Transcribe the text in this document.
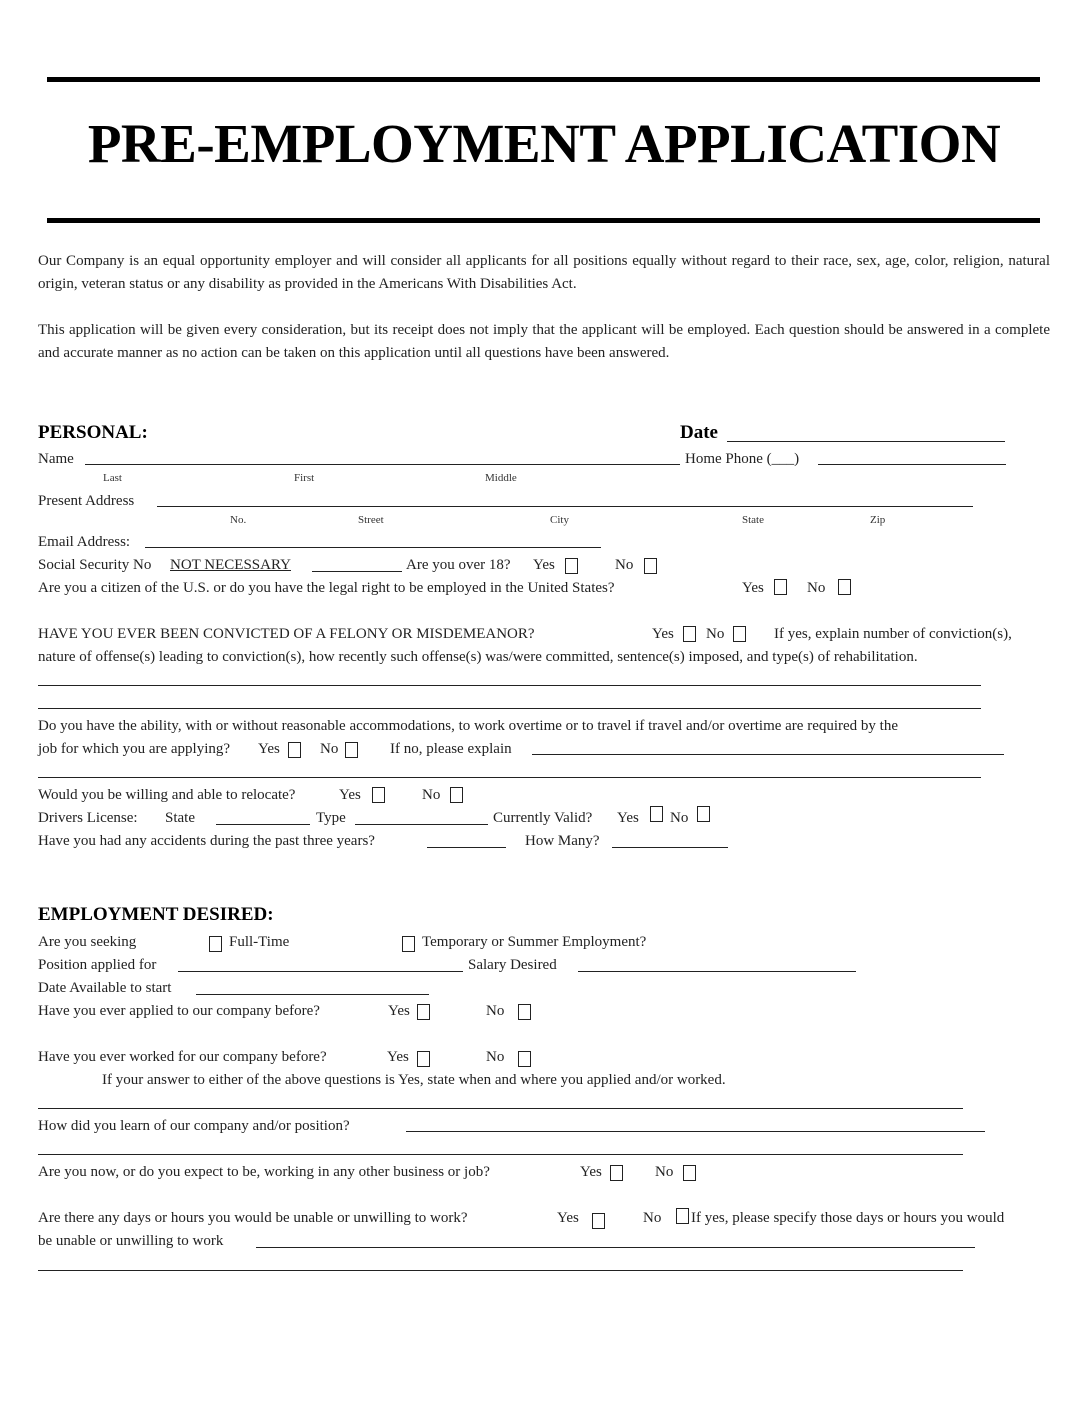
PRE-EMPLOYMENT APPLICATION
Our Company is an equal opportunity employer and will consider all applicants for all positions equally without regard to their race, sex, age, color, religion, natural origin, veteran status or any disability as provided in the Americans With Disabilities Act.
This application will be given every consideration, but its receipt does not imply that the applicant will be employed. Each question should be answered in a complete and accurate manner as no action can be taken on this application until all questions have been answered.
PERSONAL:	Date
Name	Home Phone (___)
Last	First	Middle
Present Address
No.	Street	City	State	Zip
Email Address:
Social Security No NOT NECESSARY	Are you over 18? Yes	No
Are you a citizen of the U.S. or do you have the legal right to be employed in the United States?	Yes	No
HAVE YOU EVER BEEN CONVICTED OF A FELONY OR MISDEMEANOR?	Yes No	If yes, explain number of conviction(s),
nature of offense(s) leading to conviction(s), how recently such offense(s) was/were committed, sentence(s) imposed, and type(s) of rehabilitation.
Do you have the ability, with or without reasonable accommodations, to work overtime or to travel if travel and/or overtime are required by the
job for which you are applying? Yes	No	If no, please explain
Would you be willing and able to relocate?	Yes	No
Drivers License: State	Type	Currently Valid? Yes No
Have you had any accidents during the past three years?	How Many?
EMPLOYMENT DESIRED:
Are you seeking	Full-Time	Temporary or Summer Employment?
Position applied for	Salary Desired
Date Available to start
Have you ever applied to our company before?	Yes	No
Have you ever worked for our company before?	Yes	No
If your answer to either of the above questions is Yes, state when and where you applied and/or worked.
How did you learn of our company and/or position?
Are you now, or do you expect to be, working in any other business or job?	Yes	No
Are there any days or hours you would be unable or unwilling to work?	Yes	No If yes, please specify those days or hours you would
be unable or unwilling to work
